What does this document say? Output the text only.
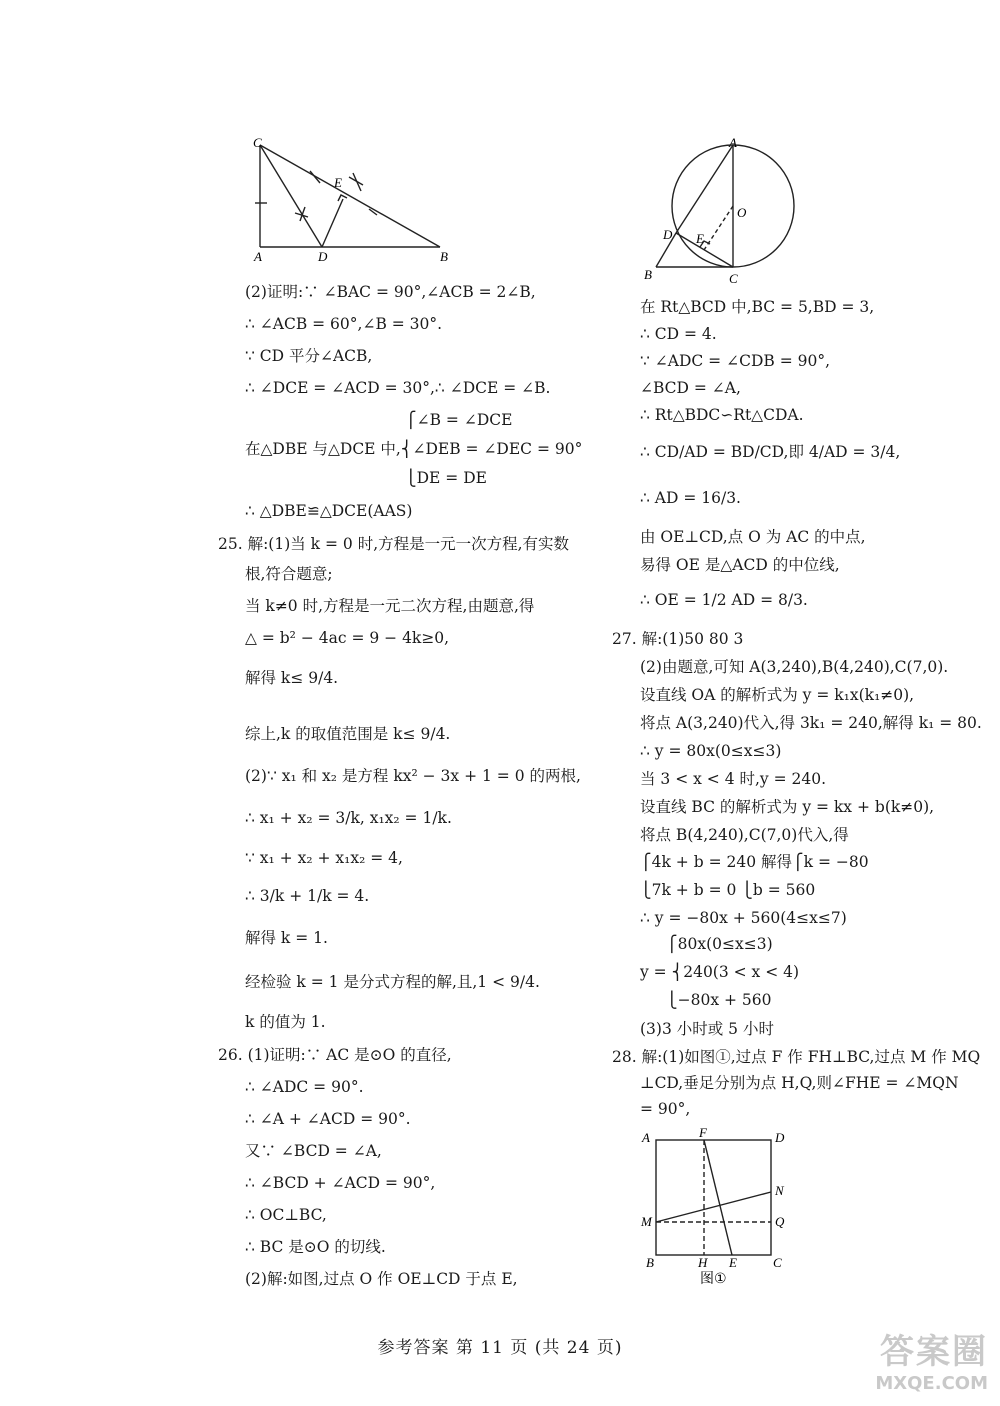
C
E
A	D	B
A
O
D E
B	C
A	F	D
N
M	Q
B	H E	C
图①
(2)证明:∵ ∠BAC = 90°,∠ACB = 2∠B,
∴ ∠ACB = 60°,∠B = 30°.
∵ CD 平分∠ACB,
∴ ∠DCE = ∠ACD = 30°,∴ ∠DCE = ∠B.
⎧∠B = ∠DCE
在△DBE 与△DCE 中,⎨∠DEB = ∠DEC = 90°
⎩DE = DE
∴ △DBE≌△DCE(AAS)
25. 解:(1)当 k = 0 时,方程是一元一次方程,有实数
根,符合题意;
当 k≠0 时,方程是一元二次方程,由题意,得
△ = b² − 4ac = 9 − 4k≥0,
解得 k≤ 9/4.
综上,k 的取值范围是 k≤ 9/4.
(2)∵ x₁ 和 x₂ 是方程 kx² − 3x + 1 = 0 的两根,
∴ x₁ + x₂ = 3/k, x₁x₂ = 1/k.
∵ x₁ + x₂ + x₁x₂ = 4,
∴ 3/k + 1/k = 4.
解得 k = 1.
经检验 k = 1 是分式方程的解,且,1 < 9/4.
k 的值为 1.
26. (1)证明:∵ AC 是⊙O 的直径,
∴ ∠ADC = 90°.
∴ ∠A + ∠ACD = 90°.
又∵ ∠BCD = ∠A,
∴ ∠BCD + ∠ACD = 90°,
∴ OC⊥BC,
∴ BC 是⊙O 的切线.
(2)解:如图,过点 O 作 OE⊥CD 于点 E,
在 Rt△BCD 中,BC = 5,BD = 3,
∴ CD = 4.
∵ ∠ADC = ∠CDB = 90°,
∠BCD = ∠A,
∴ Rt△BDC∽Rt△CDA.
∴ CD/AD = BD/CD,即 4/AD = 3/4,
∴ AD = 16/3.
由 OE⊥CD,点 O 为 AC 的中点,
易得 OE 是△ACD 的中位线,
∴ OE = 1/2 AD = 8/3.
27. 解:(1)50 80 3
(2)由题意,可知 A(3,240),B(4,240),C(7,0).
设直线 OA 的解析式为 y = k₁x(k₁≠0),
将点 A(3,240)代入,得 3k₁ = 240,解得 k₁ = 80.
∴ y = 80x(0≤x≤3)
当 3 < x < 4 时,y = 240.
设直线 BC 的解析式为 y = kx + b(k≠0),
将点 B(4,240),C(7,0)代入,得
⎧4k + b = 240 解得⎧k = −80
⎩7k + b = 0 ⎩b = 560
∴ y = −80x + 560(4≤x≤7)
⎧80x(0≤x≤3)
y = ⎨240(3 < x < 4)
⎩−80x + 560
(3)3 小时或 5 小时
28. 解:(1)如图①,过点 F 作 FH⊥BC,过点 M 作 MQ
⊥CD,垂足分别为点 H,Q,则∠FHE = ∠MQN
= 90°,
参考答案 第 11 页 (共 24 页)	答案圈
MXQE.COM
